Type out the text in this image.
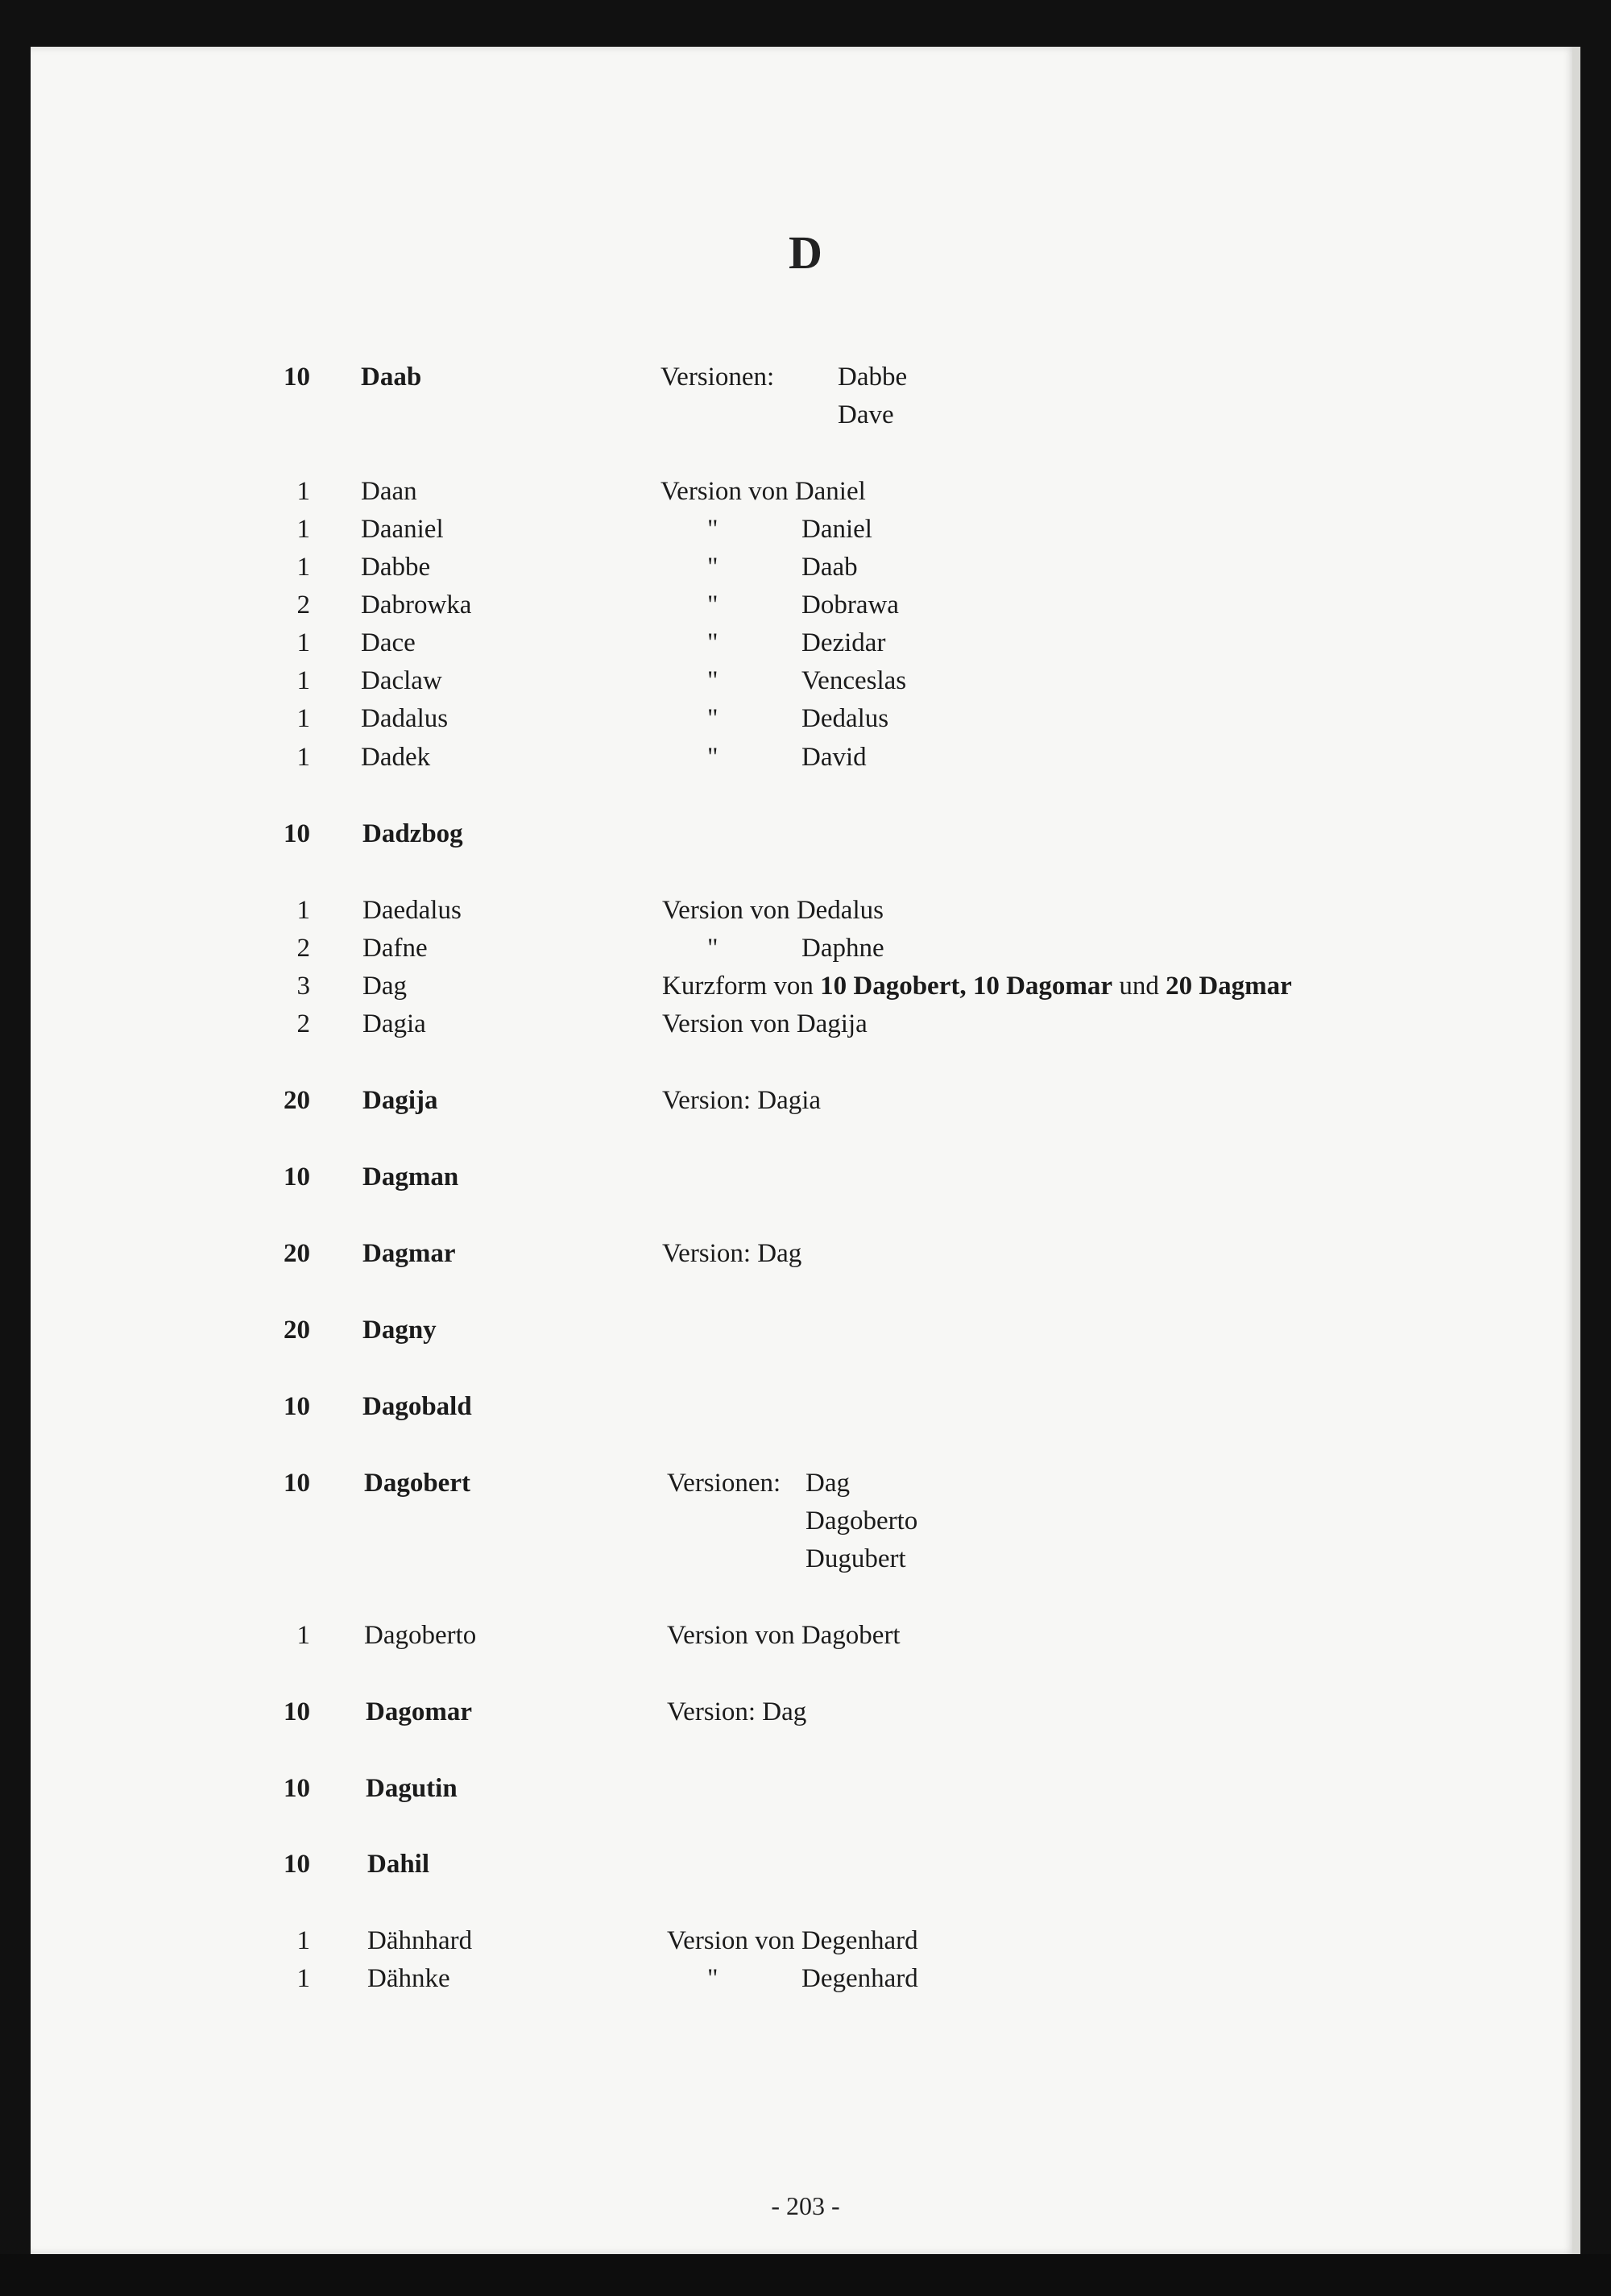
D
10 Daab	Versionen: Dabbe
Dave
1 Daan	Version von Daniel
1 Daaniel	"	Daniel
1 Dabbe	"	Daab
2 Dabrowka	"	Dobrawa
1 Dace	"	Dezidar
1 Daclaw	"	Venceslas
1 Dadalus	"	Dedalus
1 Dadek	"	David
10 Dadzbog
1 Daedalus	Version von Dedalus
2 Dafne	"	Daphne
3 Dag	Kurzform von 10 Dagobert, 10 Dagomar und 20 Dagmar
2 Dagia	Version von Dagija
20 Dagija	Version: Dagia
10 Dagman
20 Dagmar	Version: Dag
20 Dagny
10 Dagobald
10 Dagobert	Versionen: Dag
Dagoberto
Dugubert
1 Dagoberto	Version von Dagobert
10 Dagomar	Version: Dag
10 Dagutin
10 Dahil
1 Dähnhard	Version von Degenhard
1 Dähnke	"	Degenhard
- 203 -
